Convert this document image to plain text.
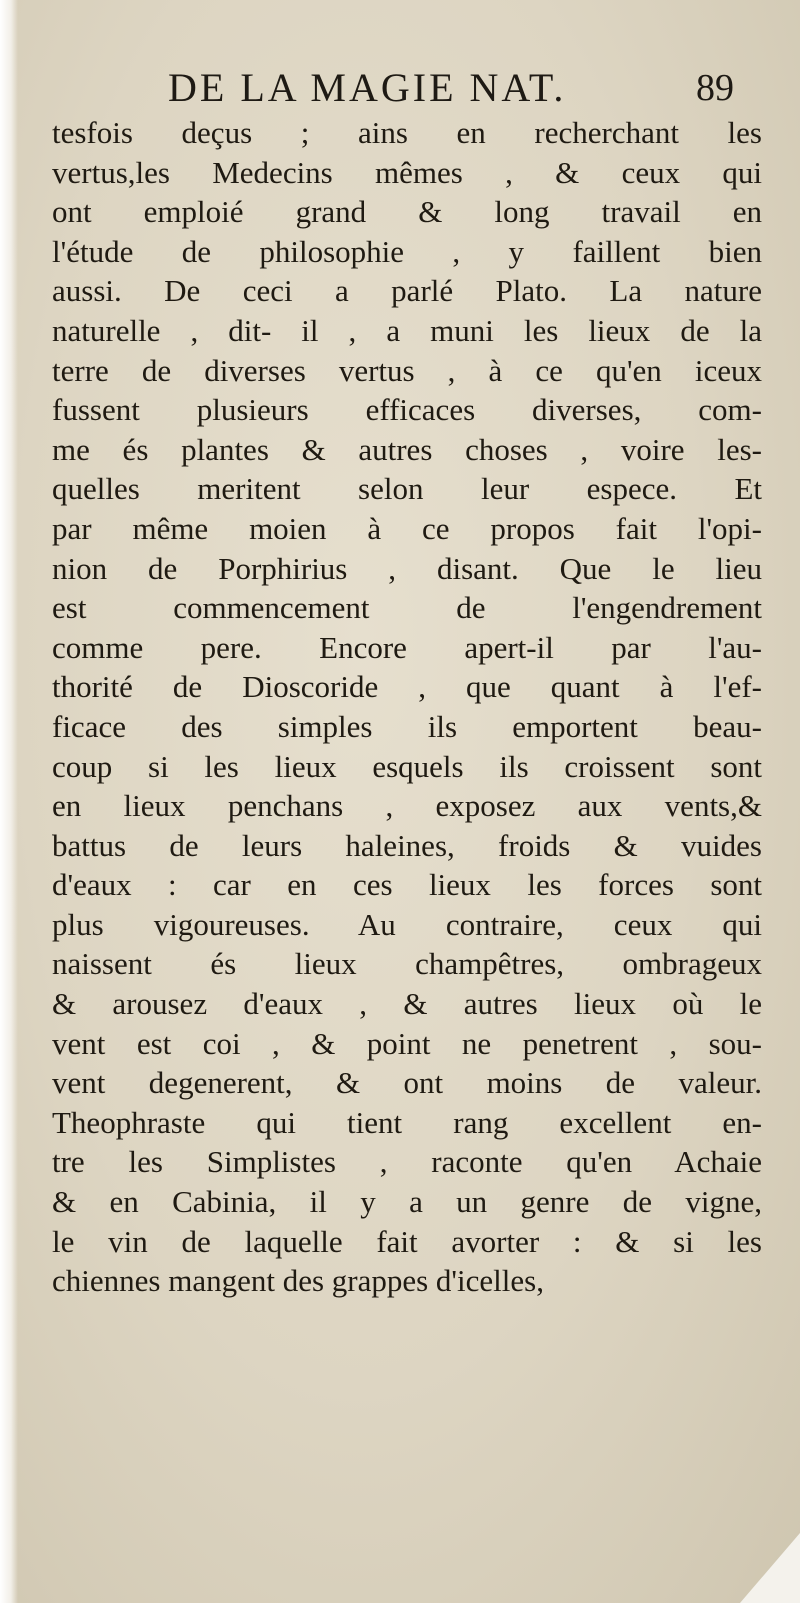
DE LA MAGIE NAT.	89
tesfois deçus ; ains en recherchant les
vertus,les Medecins mêmes , & ceux qui
ont emploié grand & long travail en
l'étude de philosophie , y faillent bien
aussi. De ceci a parlé Plato. La nature
naturelle , dit- il , a muni les lieux de la
terre de diverses vertus , à ce qu'en iceux
fussent plusieurs efficaces diverses, com-
me és plantes & autres choses , voire les-
quelles meritent selon leur espece. Et
par même moien à ce propos fait l'opi-
nion de Porphirius , disant. Que le lieu
est commencement de l'engendrement
comme pere. Encore apert-il par l'au-
thorité de Dioscoride , que quant à l'ef-
ficace des simples ils emportent beau-
coup si les lieux esquels ils croissent sont
en lieux penchans , exposez aux vents,&
battus de leurs haleines, froids & vuides
d'eaux : car en ces lieux les forces sont
plus vigoureuses. Au contraire, ceux qui
naissent és lieux champêtres, ombrageux
& arousez d'eaux , & autres lieux où le
vent est coi , & point ne penetrent , sou-
vent degenerent, & ont moins de valeur.
Theophraste qui tient rang excellent en-
tre les Simplistes , raconte qu'en Achaie
& en Cabinia, il y a un genre de vigne,
le vin de laquelle fait avorter : & si les
chiennes mangent des grappes d'icelles,
